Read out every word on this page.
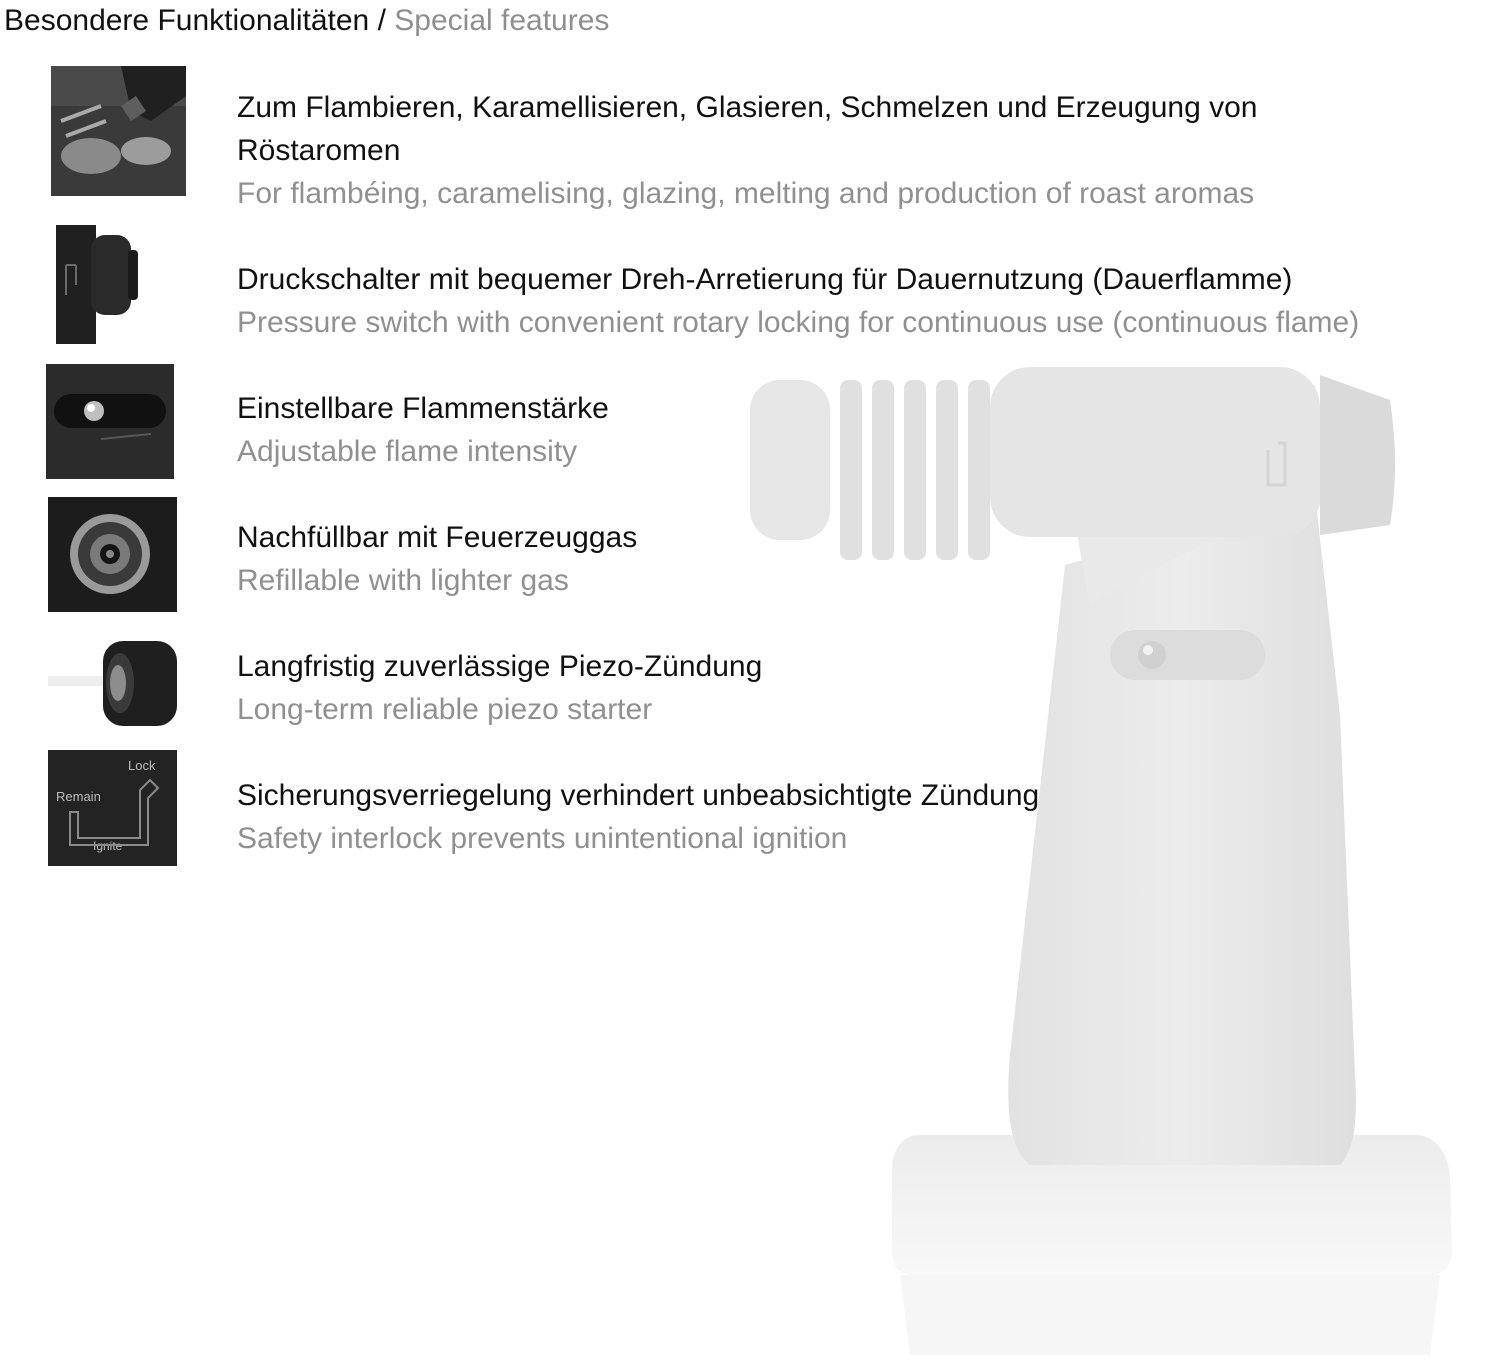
Besondere Funktionalitäten / Special features
Zum Flambieren, Karamellisieren, Glasieren, Schmelzen und Erzeugung von
Röstaromen
For flambéing, caramelising, glazing, melting and production of roast aromas
Druckschalter mit bequemer Dreh-Arretierung für Dauernutzung (Dauerflamme)
Pressure switch with convenient rotary locking for continuous use (continuous flame)
Einstellbare Flammenstärke
Adjustable flame intensity
Nachfüllbar mit Feuerzeuggas
Refillable with lighter gas
Langfristig zuverlässige Piezo-Zündung
Long-term reliable piezo starter
Lock
Remain
Ignite
Sicherungsverriegelung verhindert unbeabsichtigte Zündung
Safety interlock prevents unintentional ignition
